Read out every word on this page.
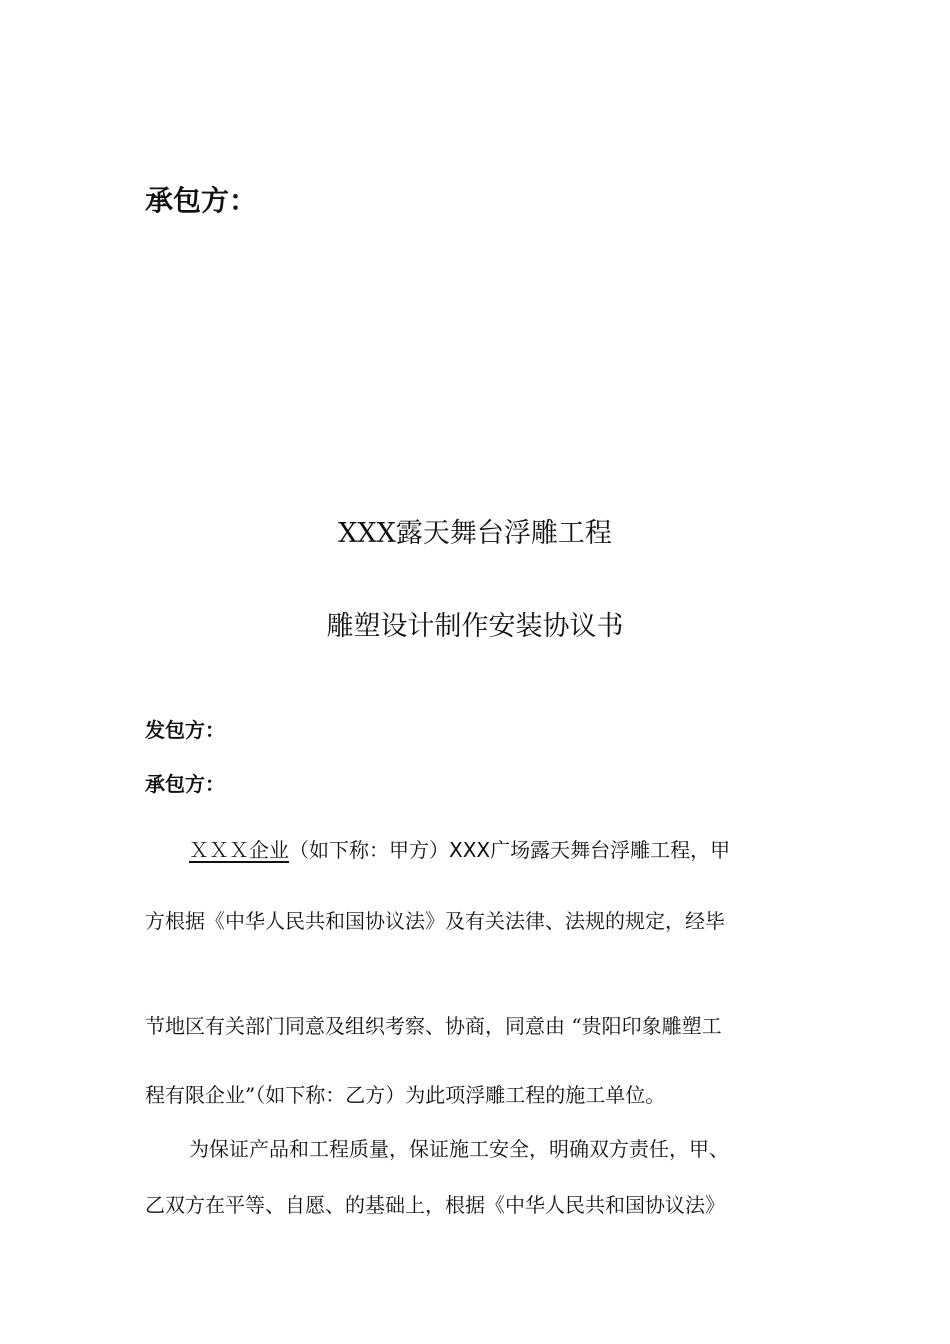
承包方：
XXX露天舞台浮雕工程
雕塑设计制作安装协议书
发包方：
承包方：
ＸＸＸ企业（如下称：甲方）XXX广场露天舞台浮雕工程，甲
方根据《中华人民共和国协议法》及有关法律、法规的规定，经毕
节地区有关部门同意及组织考察、协商，同意由 “贵阳印象雕塑工
程有限企业”（如下称：乙方）为此项浮雕工程的施工单位。
为保证产品和工程质量，保证施工安全，明确双方责任，甲、
乙双方在平等、自愿、的基础上，根据《中华人民共和国协议法》
